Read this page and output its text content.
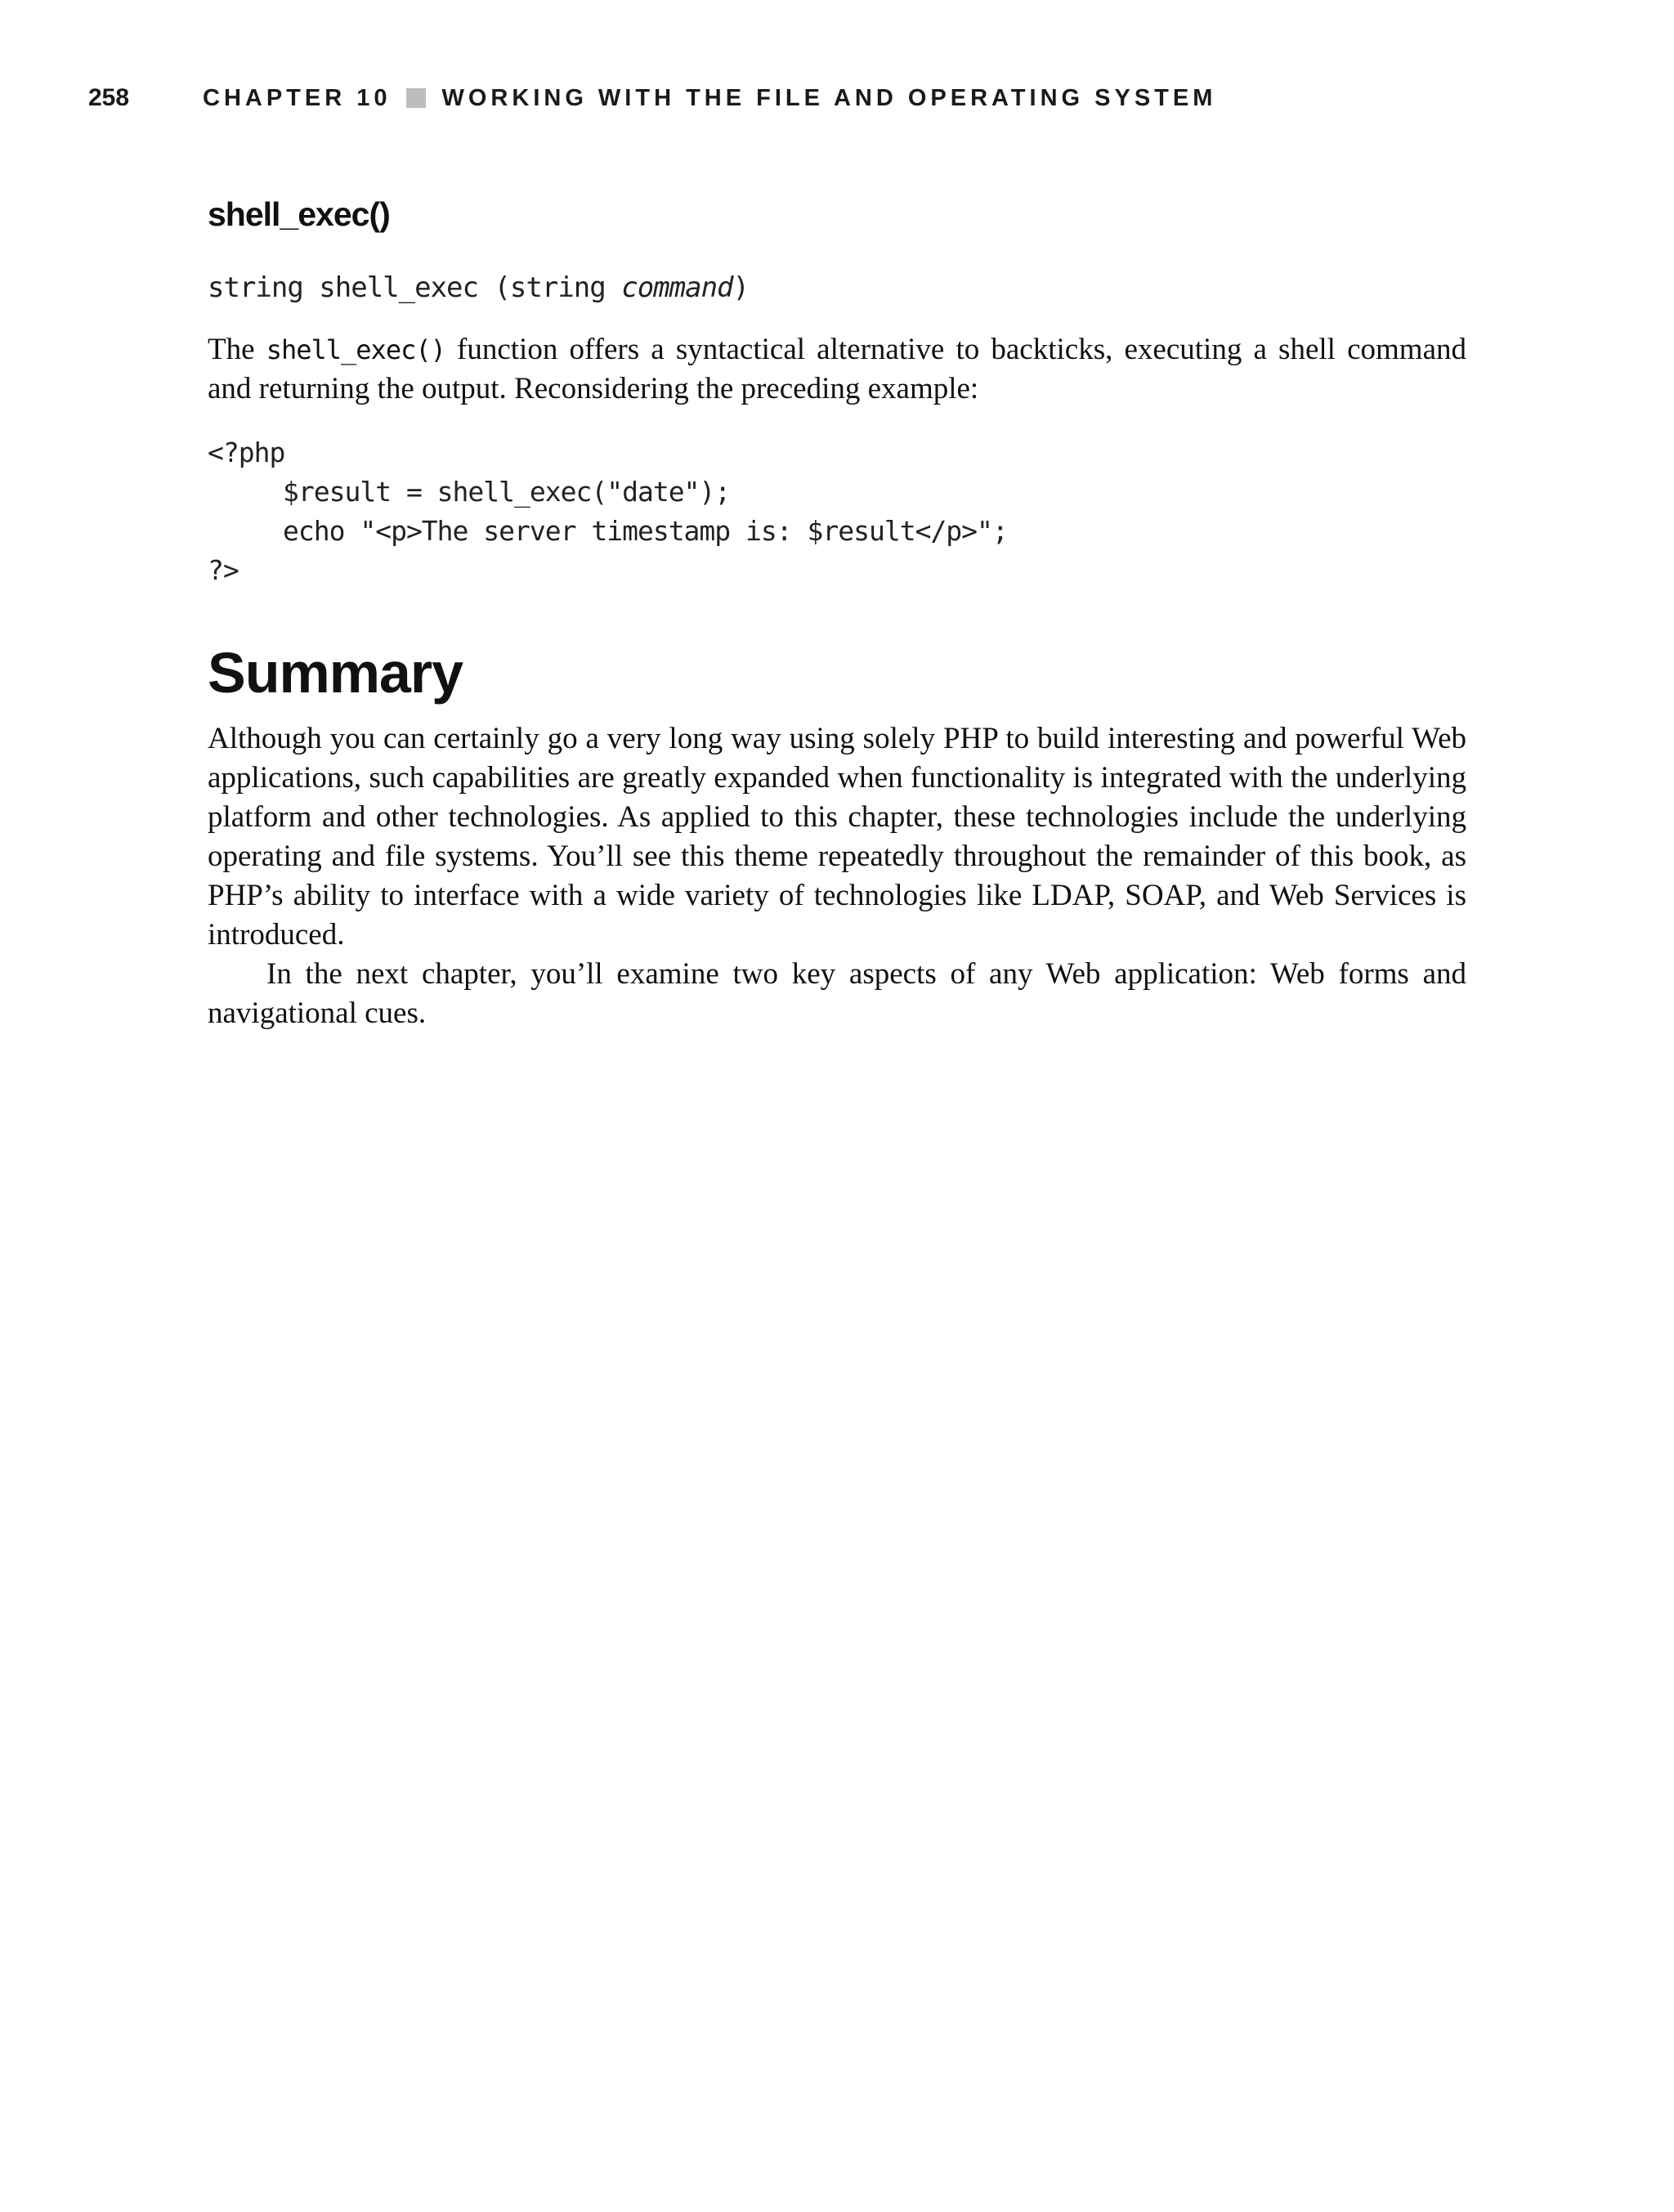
258	CHAPTER 10 WORKING WITH THE FILE AND OPERATING SYSTEM
shell_exec()
string shell_exec (string command)

The shell_exec() function offers a syntactical alternative to backticks, executing a shell command and returning the output. Reconsidering the preceding example:

<?php
$result = shell_exec("date");
echo "<p>The server timestamp is: $result</p>";
?>
Summary

Although you can certainly go a very long way using solely PHP to build interesting and powerful Web applications, such capabilities are greatly expanded when functionality is integrated with the underlying platform and other technologies. As applied to this chapter, these technologies include the underlying operating and file systems. You’ll see this theme repeatedly throughout the remainder of this book, as PHP’s ability to interface with a wide variety of technologies like LDAP, SOAP, and Web Services is introduced.

In the next chapter, you’ll examine two key aspects of any Web application: Web forms and navigational cues.
